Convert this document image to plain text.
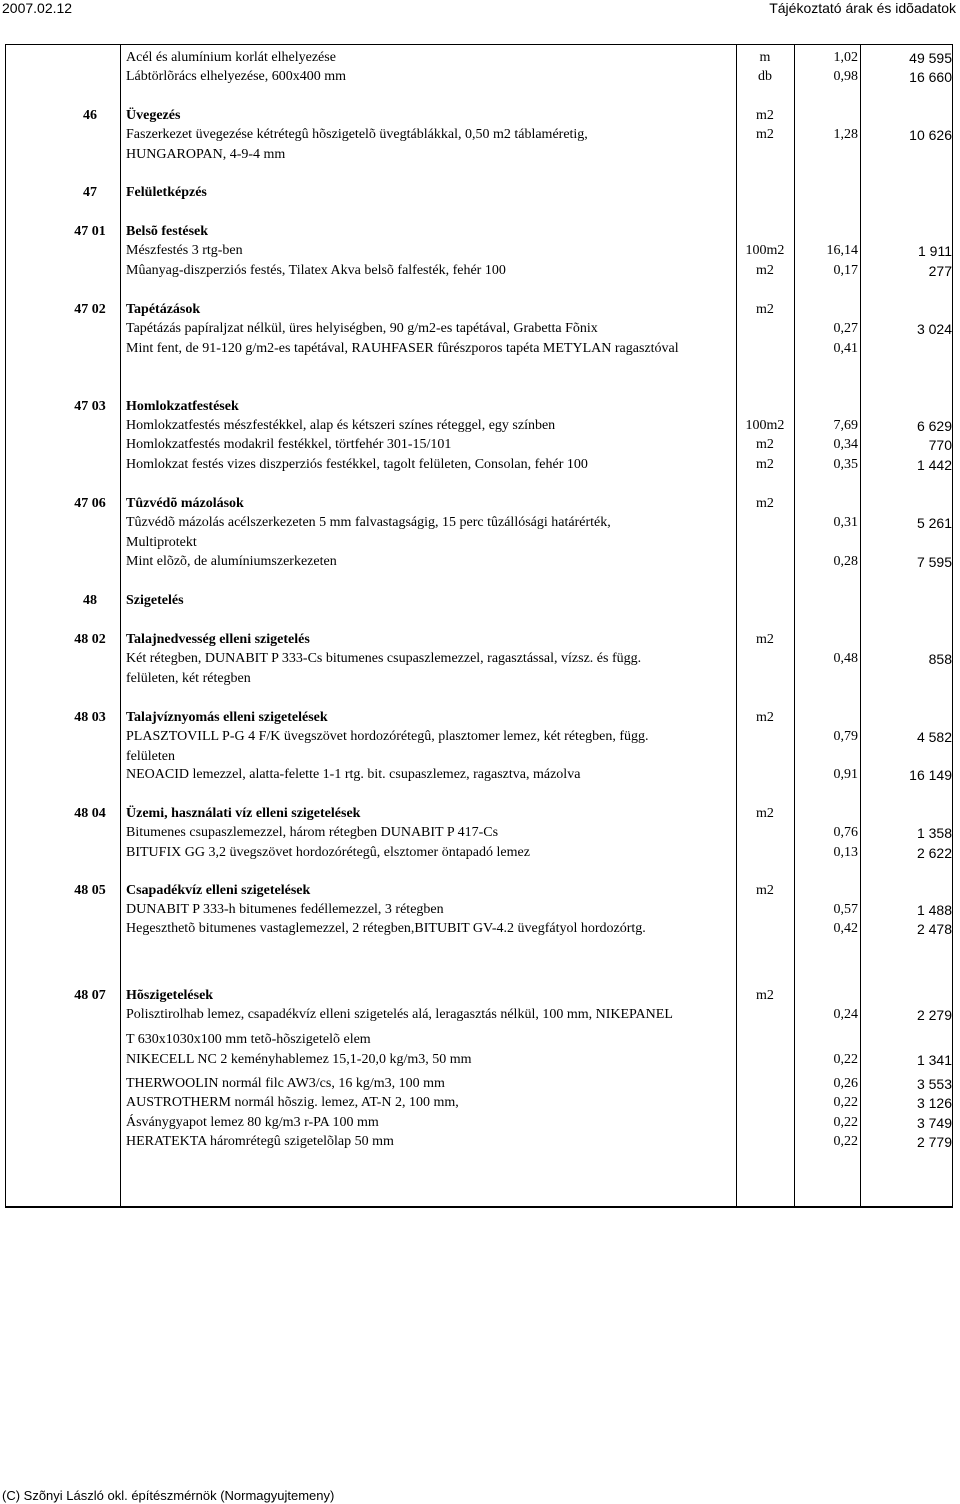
2007.02.12	Tájékoztató árak és idõadatok
Acél és alumínium korlát elhelyezése	m	1,02	49 595
Lábtörlõrács elhelyezése, 600x400 mm	db	0,98	16 660
46	Üvegezés	m2
Faszerkezet üvegezése kétrétegû hõszigetelõ üvegtáblákkal, 0,50 m2 táblaméretig,	m2	1,28	10 626
HUNGAROPAN, 4-9-4 mm
47	Felületképzés
47 01	Belsõ festések
Mészfestés 3 rtg-ben	100m2	16,14	1 911
Mûanyag-diszperziós festés, Tilatex Akva belsõ falfesték, fehér 100	m2	0,17	277
47 02	Tapétázások	m2
Tapétázás papíraljzat nélkül, üres helyiségben, 90 g/m2-es tapétával, Grabetta Fõnix	0,27	3 024
Mint fent, de 91-120 g/m2-es tapétával, RAUHFASER fûrészporos tapéta METYLAN ragasztóval	0,41
47 03	Homlokzatfestések
Homlokzatfestés mészfestékkel, alap és kétszeri színes réteggel, egy színben	100m2	7,69	6 629
Homlokzatfestés modakril festékkel, törtfehér 301-15/101	m2	0,34	770
Homlokzat festés vizes diszperziós festékkel, tagolt felületen, Consolan, fehér 100	m2	0,35	1 442
47 06	Tûzvédõ mázolások	m2
Tûzvédõ mázolás acélszerkezeten 5 mm falvastagságig, 15 perc tûzállósági határérték,	0,31	5 261
Multiprotekt
Mint elõzõ, de alumíniumszerkezeten	0,28	7 595
48	Szigetelés
48 02	Talajnedvesség elleni szigetelés	m2
Két rétegben, DUNABIT P 333-Cs bitumenes csupaszlemezzel, ragasztással, vízsz. és függ.	0,48	858
felületen, két rétegben
48 03	Talajvíznyomás elleni szigetelések	m2
PLASZTOVILL P-G 4 F/K üvegszövet hordozórétegû, plasztomer lemez, két rétegben, függ.	0,79	4 582
felületen
NEOACID lemezzel, alatta-felette 1-1 rtg. bit. csupaszlemez, ragasztva, mázolva	0,91	16 149
48 04	Üzemi, használati víz elleni szigetelések	m2
Bitumenes csupaszlemezzel, három rétegben DUNABIT P 417-Cs	0,76	1 358
BITUFIX GG 3,2 üvegszövet hordozórétegû, elsztomer öntapadó lemez	0,13	2 622
48 05	Csapadékvíz elleni szigetelések	m2
DUNABIT P 333-h bitumenes fedéllemezzel, 3 rétegben	0,57	1 488
Hegeszthetõ bitumenes vastaglemezzel, 2 rétegben,BITUBIT GV-4.2 üvegfátyol hordozórtg.	0,42	2 478
48 07	Hõszigetelések	m2
Polisztirolhab lemez, csapadékvíz elleni szigetelés alá, leragasztás nélkül, 100 mm, NIKEPANEL	0,24	2 279
T 630x1030x100 mm tetõ-hõszigetelõ elem
NIKECELL NC 2 keményhablemez 15,1-20,0 kg/m3, 50 mm	0,22	1 341
THERWOOLIN normál filc AW3/cs, 16 kg/m3, 100 mm	0,26	3 553
AUSTROTHERM normál hõszig. lemez, AT-N 2, 100 mm,	0,22	3 126
Ásványgyapot lemez 80 kg/m3 r-PA 100 mm	0,22	3 749
HERATEKTA háromrétegû szigetelõlap 50 mm	0,22	2 779
(C) Szõnyi László okl. építészmérnök (Normagyujtemeny)
